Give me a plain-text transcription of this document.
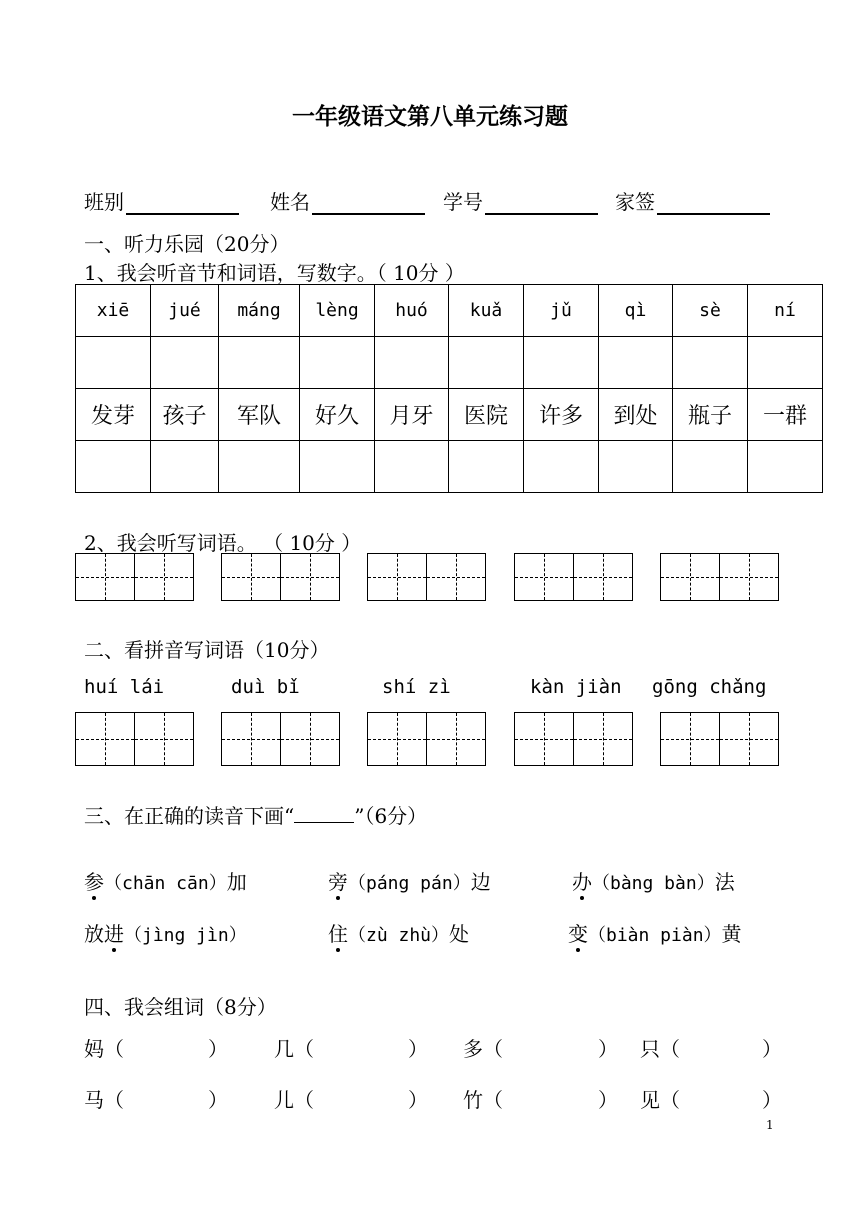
一年级语文第八单元练习题
班别	姓名	学号	家签
一、听力乐园（20分）
1、我会听音节和词语，写数字。（ 10分 ）
xiē	jué	máng	lèng	huó	kuǎ	jǔ	qì	sè	ní

发芽	孩子	军队	好久	月牙	医院	许多	到处	瓶子	一群

2、我会听写词语。 （ 10分 ）
二、看拼音写词语（10分）
huí lái	duì bǐ	shí zì	kàn jiàn gōng chǎng
三、在正确的读音下画“	”（6分）
参（chān cān）加	旁（páng pán）边	办（bàng bàn）法
放进（jìng jìn）	住（zù zhù）处	变（biàn piàn）黄
四、我会组词（8分）
妈（	） 几（	） 多（	） 只（	）
马（	） 儿（	） 竹（	） 见（	）
1
